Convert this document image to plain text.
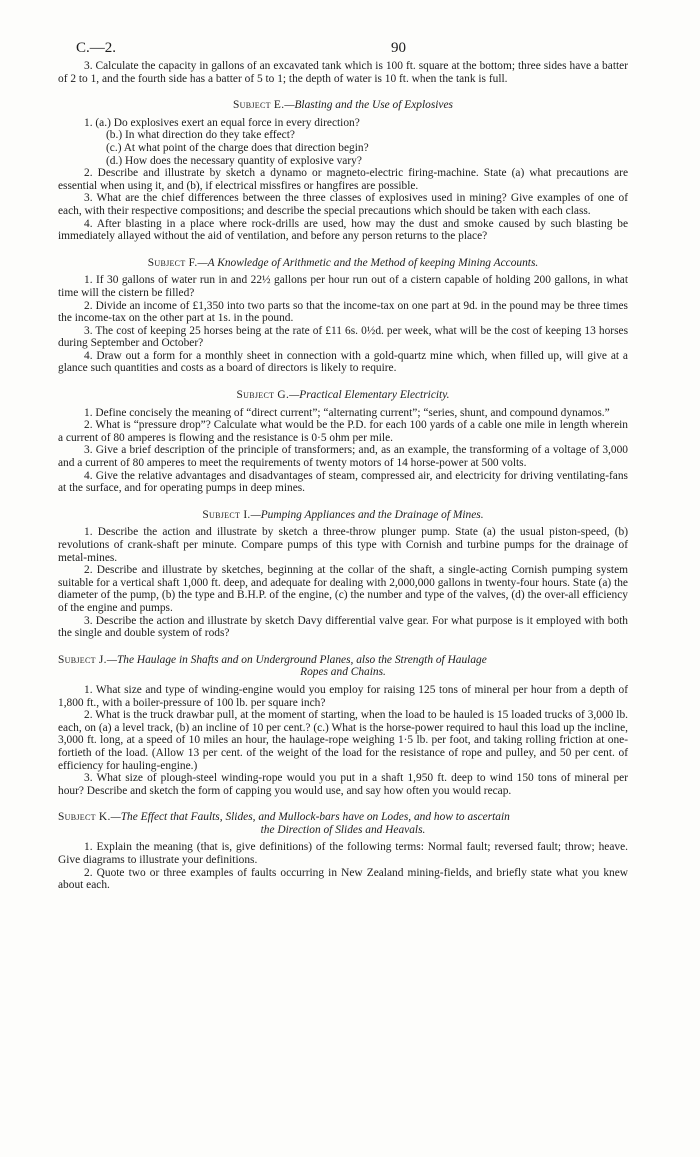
C.—2.	90

3. Calculate the capacity in gallons of an excavated tank which is 100 ft. square at the bottom; three sides have a batter of 2 to 1, and the fourth side has a batter of 5 to 1; the depth of water is 10 ft. when the tank is full.

Subject E.—Blasting and the Use of Explosives

1. (a.) Do explosives exert an equal force in every direction?

(b.) In what direction do they take effect?

(c.) At what point of the charge does that direction begin?

(d.) How does the necessary quantity of explosive vary?

2. Describe and illustrate by sketch a dynamo or magneto-electric firing-machine. State (a) what precautions are essential when using it, and (b), if electrical missfires or hangfires are possible.

3. What are the chief differences between the three classes of explosives used in mining? Give examples of one of each, with their respective compositions; and describe the special precautions which should be taken with each class.

4. After blasting in a place where rock-drills are used, how may the dust and smoke caused by such blasting be immediately allayed without the aid of ventilation, and before any person returns to the place?

Subject F.—A Knowledge of Arithmetic and the Method of keeping Mining Accounts.

1. If 30 gallons of water run in and 22½ gallons per hour run out of a cistern capable of holding 200 gallons, in what time will the cistern be filled?

2. Divide an income of £1,350 into two parts so that the income-tax on one part at 9d. in the pound may be three times the income-tax on the other part at 1s. in the pound.

3. The cost of keeping 25 horses being at the rate of £11 6s. 0½d. per week, what will be the cost of keeping 13 horses during September and October?

4. Draw out a form for a monthly sheet in connection with a gold-quartz mine which, when filled up, will give at a glance such quantities and costs as a board of directors is likely to require.

Subject G.—Practical Elementary Electricity.

1. Define concisely the meaning of “direct current”; “alternating current”; “series, shunt, and compound dynamos.”

2. What is “pressure drop”? Calculate what would be the P.D. for each 100 yards of a cable one mile in length wherein a current of 80 amperes is flowing and the resistance is 0·5 ohm per mile.

3. Give a brief description of the principle of transformers; and, as an example, the transforming of a voltage of 3,000 and a current of 80 amperes to meet the requirements of twenty motors of 14 horse-power at 500 volts.

4. Give the relative advantages and disadvantages of steam, compressed air, and electricity for driving ventilating-fans at the surface, and for operating pumps in deep mines.

Subject I.—Pumping Appliances and the Drainage of Mines.

1. Describe the action and illustrate by sketch a three-throw plunger pump. State (a) the usual piston-speed, (b) revolutions of crank-shaft per minute. Compare pumps of this type with Cornish and turbine pumps for the drainage of metal-mines.

2. Describe and illustrate by sketches, beginning at the collar of the shaft, a single-acting Cornish pumping system suitable for a vertical shaft 1,000 ft. deep, and adequate for dealing with 2,000,000 gallons in twenty-four hours. State (a) the diameter of the pump, (b) the type and B.H.P. of the engine, (c) the number and type of the valves, (d) the over-all efficiency of the engine and pumps.

3. Describe the action and illustrate by sketch Davy differential valve gear. For what purpose is it employed with both the single and double system of rods?

Subject J.—The Haulage in Shafts and on Underground Planes, also the Strength of Haulage
Ropes and Chains.

1. What size and type of winding-engine would you employ for raising 125 tons of mineral per hour from a depth of 1,800 ft., with a boiler-pressure of 100 lb. per square inch?

2. What is the truck drawbar pull, at the moment of starting, when the load to be hauled is 15 loaded trucks of 3,000 lb. each, on (a) a level track, (b) an incline of 10 per cent.? (c.) What is the horse-power required to haul this load up the incline, 3,000 ft. long, at a speed of 10 miles an hour, the haulage-rope weighing 1·5 lb. per foot, and taking rolling friction at one-fortieth of the load. (Allow 13 per cent. of the weight of the load for the resistance of rope and pulley, and 50 per cent. of efficiency for hauling-engine.)

3. What size of plough-steel winding-rope would you put in a shaft 1,950 ft. deep to wind 150 tons of mineral per hour? Describe and sketch the form of capping you would use, and say how often you would recap.

Subject K.—The Effect that Faults, Slides, and Mullock-bars have on Lodes, and how to ascertain
the Direction of Slides and Heavals.

1. Explain the meaning (that is, give definitions) of the following terms: Normal fault; reversed fault; throw; heave. Give diagrams to illustrate your definitions.

2. Quote two or three examples of faults occurring in New Zealand mining-fields, and briefly state what you knew about each.
